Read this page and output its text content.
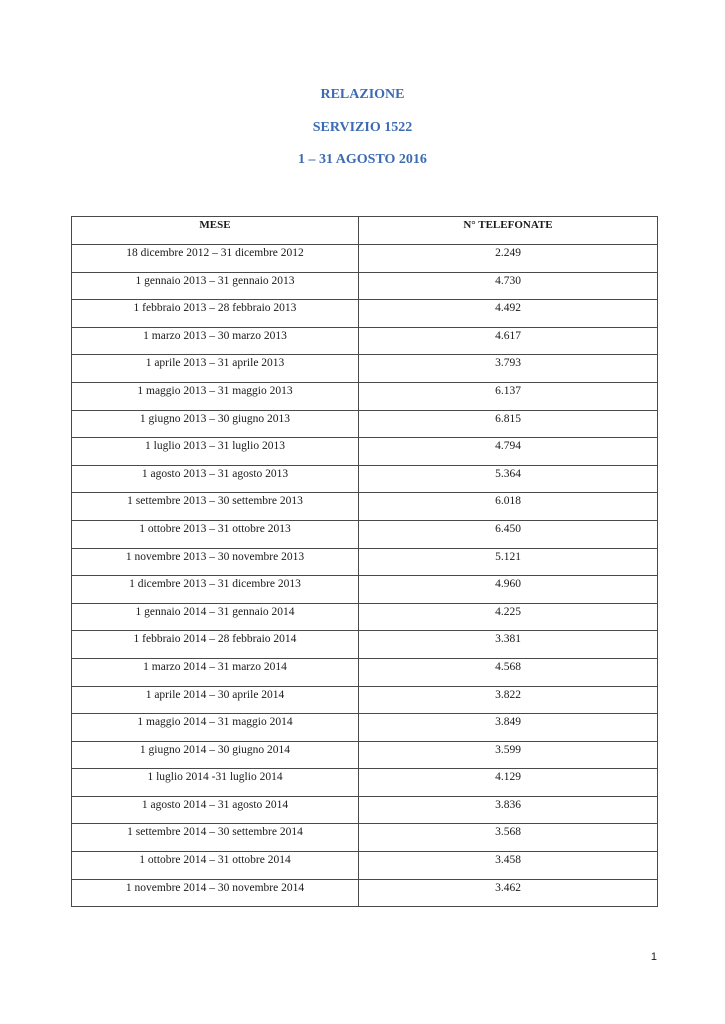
RELAZIONE
SERVIZIO 1522
1 – 31 AGOSTO 2016
MESE	N° TELEFONATE
18 dicembre 2012 – 31 dicembre 2012	2.249
1 gennaio 2013 – 31 gennaio 2013	4.730
1 febbraio 2013 – 28 febbraio 2013	4.492
1 marzo 2013 – 30 marzo 2013	4.617
1 aprile 2013 – 31 aprile 2013	3.793
1 maggio 2013 – 31 maggio 2013	6.137
1 giugno 2013 – 30 giugno 2013	6.815
1 luglio 2013 – 31 luglio 2013	4.794
1 agosto 2013 – 31 agosto 2013	5.364
1 settembre 2013 – 30 settembre 2013	6.018
1 ottobre 2013 – 31 ottobre 2013	6.450
1 novembre 2013 – 30 novembre 2013	5.121
1 dicembre 2013 – 31 dicembre 2013	4.960
1 gennaio 2014 – 31 gennaio 2014	4.225
1 febbraio 2014 – 28 febbraio 2014	3.381
1 marzo 2014 – 31 marzo 2014	4.568
1 aprile 2014 – 30 aprile 2014	3.822
1 maggio 2014 – 31 maggio 2014	3.849
1 giugno 2014 – 30 giugno 2014	3.599
1 luglio 2014 -31 luglio 2014	4.129
1 agosto 2014 – 31 agosto 2014	3.836
1 settembre 2014 – 30 settembre 2014	3.568
1 ottobre 2014 – 31 ottobre 2014	3.458
1 novembre 2014 – 30 novembre 2014	3.462
1
